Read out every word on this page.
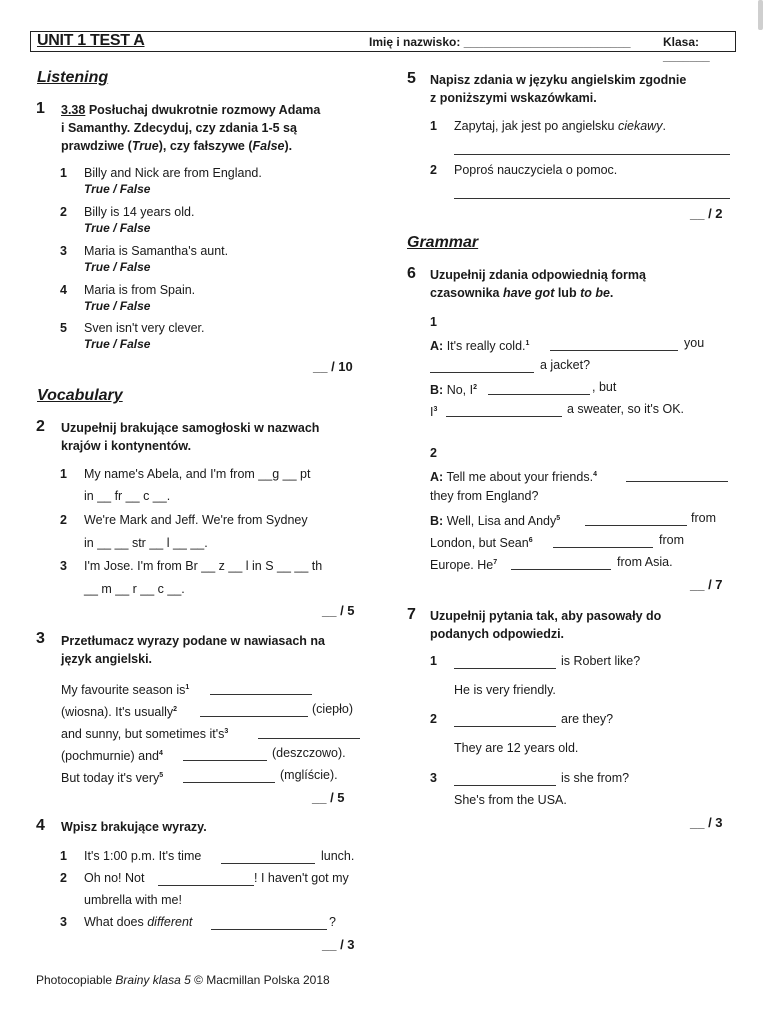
UNIT 1 TEST A	Imię i nazwisko: _________________________	Klasa: _______
Listening
1 3.38 Posłuchaj dwukrotnie rozmowy Adama
i Samanthy. Zdecyduj, czy zdania 1-5 są
prawdziwe (True), czy fałszywe (False).
1 Billy and Nick are from England.
True / False
2 Billy is 14 years old.
True / False
3 Maria is Samantha's aunt.
True / False
4 Maria is from Spain.
True / False
5 Sven isn't very clever.
True / False
__ / 10
Vocabulary
2 Uzupełnij brakujące samogłoski w nazwach
krajów i kontynentów.
1 My name's Abela, and I'm from __g __ pt
in __ fr __ c __.
2 We're Mark and Jeff. We're from Sydney
in __ __ str __ l __ __.
3 I'm Jose. I'm from Br __ z __ l in S __ __ th
__ m __ r __ c __.
__ / 5
3 Przetłumacz wyrazy podane w nawiasach na
język angielski.
My favourite season $is^1$
(wiosna). It's usually$^2$	(ciepło)
and sunny, but sometimes $it's^3$
(pochmurnie) and$^4$	(deszczowo).
But today it's very$^5$	(mglíście).
__ / 5
4 Wpisz brakujące wyrazy.
1 It's 1:00 p.m. It's time	lunch.
2 Oh no! Not	! I haven't got my
umbrella with me!
3 What does different	?
__ / 3
Photocopiable Brainy klasa 5 © Macmillan Polska 2018
5 Napisz zdania w języku angielskim zgodnie
z poniższymi wskazówkami.
1 Zapytaj, jak jest po angielsku ciekawy.
2 Poproś nauczyciela o pomoc.
__ / 2
Grammar
6 Uzupełnij zdania odpowiednią formą
czasownika have got lub to be.
1
A: It's really cold.$^1$	you
a jacket?
B: No, $I^2$	, but
$I^3$	a sweater, so it's OK.
2
A: Tell me about your friends.$^4$
they from England?
B: Well, Lisa and Andy$^5$	from
London, but Sean$^6$	from
Europe. He$^7$	from Asia.
__ / 7
7 Uzupełnij pytania tak, aby pasowały do
podanych odpowiedzi.
1	is Robert like?
He is very friendly.
2	are they?
They are 12 years old.
3	is she from?
She's from the USA.
__ / 3
